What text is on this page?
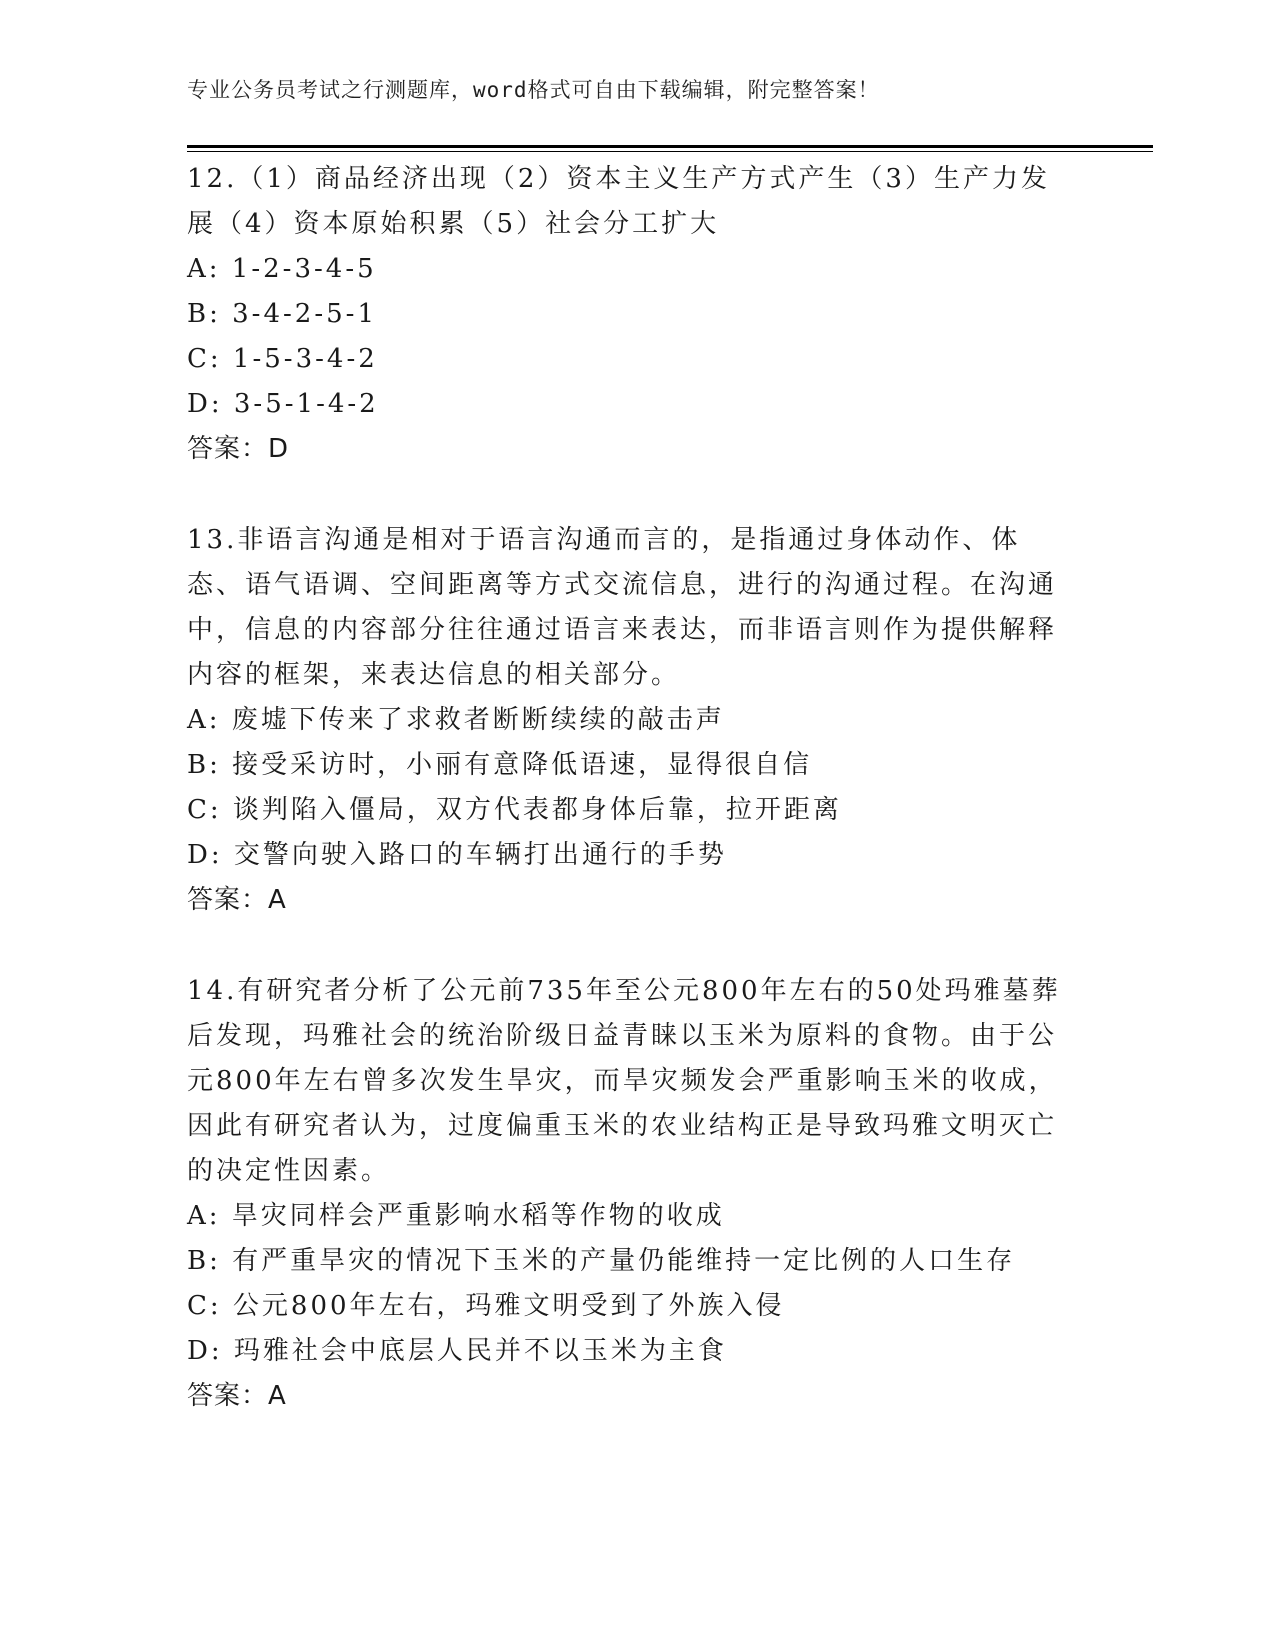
专业公务员考试之行测题库，word格式可自由下载编辑，附完整答案！

12.（1）商品经济出现（2）资本主义生产方式产生（3）生产力发展（4）资本原始积累（5）社会分工扩大

A: 1-2-3-4-5

B: 3-4-2-5-1

C: 1-5-3-4-2

D: 3-5-1-4-2

答案：D

13.非语言沟通是相对于语言沟通而言的，是指通过身体动作、体态、语气语调、空间距离等方式交流信息，进行的沟通过程。在沟通中，信息的内容部分往往通过语言来表达，而非语言则作为提供解释内容的框架，来表达信息的相关部分。

A: 废墟下传来了求救者断断续续的敲击声

B: 接受采访时，小丽有意降低语速，显得很自信

C: 谈判陷入僵局，双方代表都身体后靠，拉开距离

D: 交警向驶入路口的车辆打出通行的手势

答案：A

14.有研究者分析了公元前735年至公元800年左右的50处玛雅墓葬后发现，玛雅社会的统治阶级日益青睐以玉米为原料的食物。由于公元800年左右曾多次发生旱灾，而旱灾频发会严重影响玉米的收成，因此有研究者认为，过度偏重玉米的农业结构正是导致玛雅文明灭亡的决定性因素。

A: 旱灾同样会严重影响水稻等作物的收成

B: 有严重旱灾的情况下玉米的产量仍能维持一定比例的人口生存

C: 公元800年左右，玛雅文明受到了外族入侵

D: 玛雅社会中底层人民并不以玉米为主食

答案：A
